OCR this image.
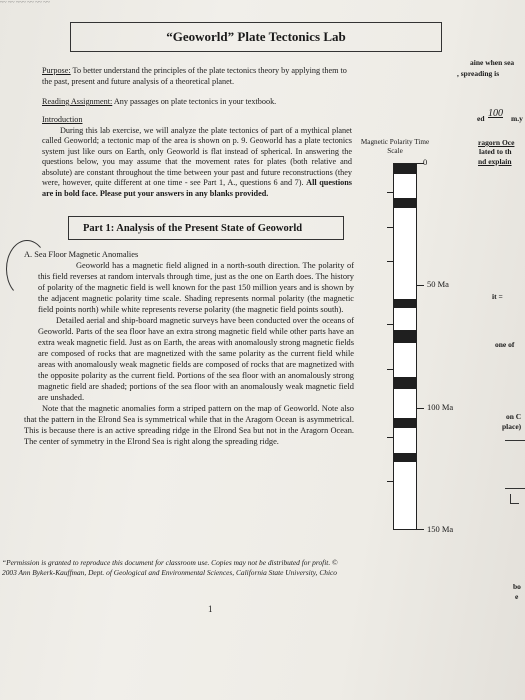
~~ ~~ ~~~ ~~ ~~ ~~
“Geoworld” Plate Tectonics Lab
Purpose: To better understand the principles of the plate tectonics theory by applying them to the past, present and future analysis of a theoretical planet.
Reading Assignment: Any passages on plate tectonics in your textbook.
Introduction
During this lab exercise, we will analyze the plate tectonics of part of a mythical planet called Geoworld; a tectonic map of the area is shown on p. 9. Geoworld has a plate tectonics system just like ours on Earth, only Geoworld is flat instead of spherical. In answering the questions below, you may assume that the movement rates for plates (both relative and absolute) are constant throughout the time between your past and future reconstructions (they were, however, quite different at one time - see Part 1, A., questions 6 and 7). All questions are in bold face. Please put your answers in any blanks provided.
Part 1: Analysis of the Present State of Geoworld
A. Sea Floor Magnetic Anomalies
Geoworld has a magnetic field aligned in a north-south direction. The polarity of this field reverses at random intervals through time, just as the one on Earth does. The history of polarity of the magnetic field is well known for the past 150 million years and is shown by the adjacent magnetic polarity time scale. Shading represents normal polarity (the magnetic field points north) while white represents reverse polarity (the magnetic field points south).
Detailed aerial and ship-board magnetic surveys have been conducted over the oceans of Geoworld. Parts of the sea floor have an extra strong magnetic field while other parts have an extra weak magnetic field. Just as on Earth, the areas with anomalously strong magnetic fields are composed of rocks that are magnetized with the same polarity as the current field while areas with anomalously weak magnetic fields are composed of rocks that are magnetized with the opposite polarity as the current field. Portions of the sea floor with an anomalously strong magnetic field are shaded; portions of the sea floor with an anomalously weak magnetic field are unshaded.
Note that the magnetic anomalies form a striped pattern on the map of Geoworld. Note also that the pattern in the Elrond Sea is symmetrical while that in the Aragorn Ocean is asymmetrical. This is because there is an active spreading ridge in the Elrond Sea but not in the Aragorn Ocean. The center of symmetry in the Elrond Sea is right along the spreading ridge.
Magnetic Polarity Time Scale
0
50 Ma
100 Ma
150 Ma
aine when sea
, spreading is
ed 100 m.y
ragorn Oce
lated to th
nd explain
it =
one of
on C
place)
bo
e
“Permission is granted to reproduce this document for classroom use. Copies may not be distributed for profit. ©
2003 Ann Bykerk-Kauffman, Dept. of Geological and Environmental Sciences, California State University, Chico
1
